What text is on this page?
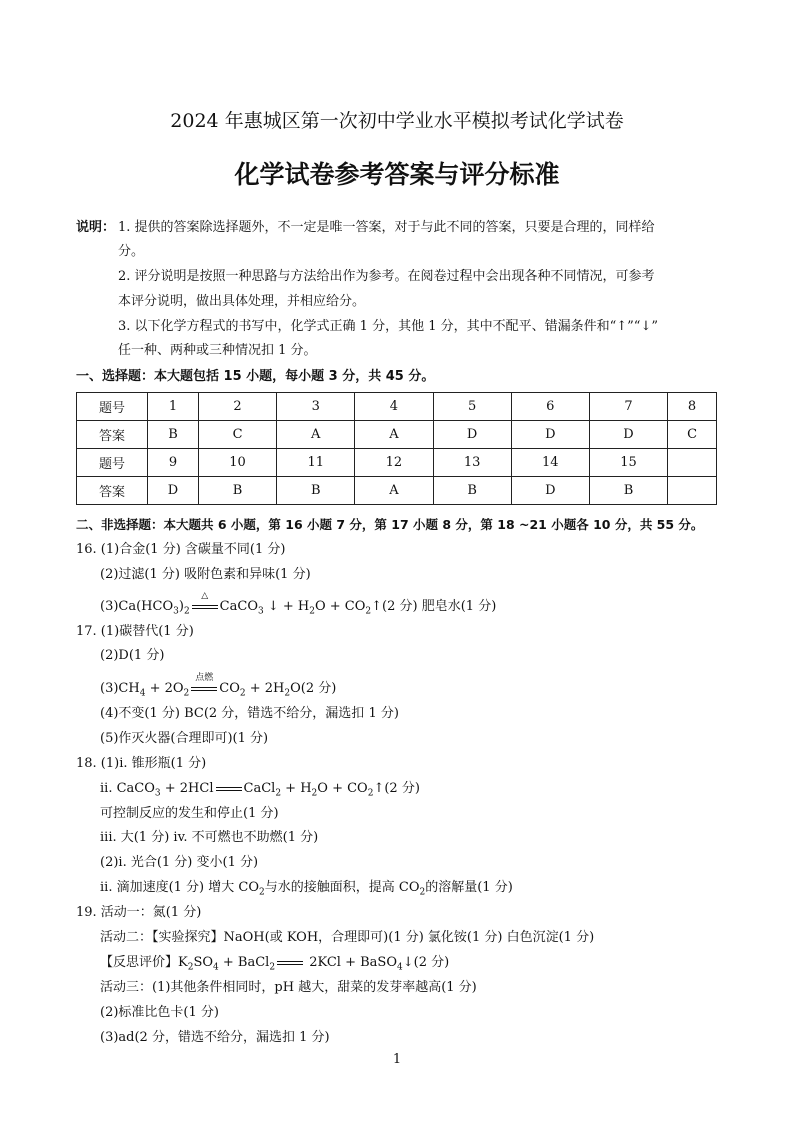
2024 年惠城区第一次初中学业水平模拟考试化学试卷
化学试卷参考答案与评分标准
说明： 1. 提供的答案除选择题外，不一定是唯一答案，对于与此不同的答案，只要是合理的，同样给
分。
2. 评分说明是按照一种思路与方法给出作为参考。在阅卷过程中会出现各种不同情况，可参考
本评分说明，做出具体处理，并相应给分。
3. 以下化学方程式的书写中，化学式正确 1 分，其他 1 分，其中不配平、错漏条件和“↑”“↓”
任一种、两种或三种情况扣 1 分。
一、选择题：本大题包括 15 小题，每小题 3 分，共 45 分。
题号	1	2	3	4	5	6	7	8
答案	B	C	A	A	D	D	D	C
题号	9	10	11	12	13	14	15	
答案	D	B	B	A	B	D	B	
二、非选择题：本大题共 6 小题，第 16 小题 7 分，第 17 小题 8 分，第 18 ~21 小题各 10 分，共 55 分。
16. (1)合金(1 分) 含碳量不同(1 分)
(2)过滤(1 分) 吸附色素和异味(1 分)
$(3)Ca(HCO_3)_2$
△
CaCO$_3$ ↓ + $H_2O$ + $CO_2↑(2$ 分) 肥皂水(1 分)
17. (1)碳替代(1 分)
(2)D(1 分)
$(3)CH_4 + 2O_2$
点燃
$CO_2 + 2H_2O(2$ 分)
(4)不变(1 分) BC(2 分，错选不给分，漏选扣 1 分)
(5)作灭火器(合理即可)(1 分)
18. (1)i. 锥形瓶(1 分)
ii. CaCO$_3$ + 2HCl CaCl$_2$ + $H_2O$ + $CO_2↑(2$ 分)
可控制反应的发生和停止(1 分)
iii. 大(1 分) iv. 不可燃也不助燃(1 分)
(2)i. 光合(1 分) 变小(1 分)
ii. 滴加速度(1 分) 增大 $CO_2$与水的接触面积，提高 $CO_2$的溶解量(1 分)
19. 活动一：氮(1 分)
活动二：【实验探究】NaOH(或 KOH，合理即可)(1 分) 氯化铵(1 分) 白色沉淀(1 分)
【反思评价】$K_2SO_4$ + BaCl$_2$ 2KCl + BaSO$_4$↓(2 分)
活动三：(1)其他条件相同时，pH 越大，甜菜的发芽率越高(1 分)
(2)标准比色卡(1 分)
(3)ad(2 分，错选不给分，漏选扣 1 分)
1
